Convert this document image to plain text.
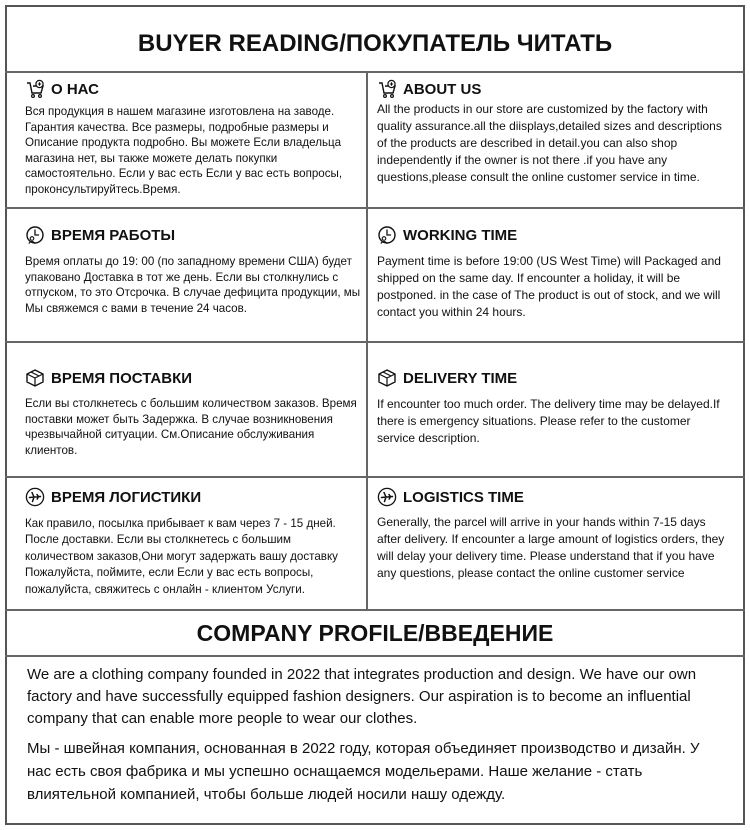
BUYER READING/ПОКУПАТЕЛЬ ЧИТАТЬ
О НАС
Вся продукция в нашем магазине изготовлена на заводе. Гарантия качества. Все размеры, подробные размеры и Описание продукта подробно. Вы можете Если владельца магазина нет, вы также можете делать покупки самостоятельно. Если у вас есть Если у вас есть вопросы, проконсультируйтесь.Время.
ABOUT US
All the products in our store are customized by the factory with quality assurance.all the diisplays,detailed sizes and descriptions of the products are described in detail.you can also shop independently if the owner is not there .if you have any questions,please consult the online customer service in time.
ВРЕМЯ РАБОТЫ
Время оплаты до 19: 00 (по западному времени США) будет упаковано Доставка в тот же день. Если вы столкнулись с отпуском, то это Отсрочка. В случае дефицита продукции, мы Мы свяжемся с вами в течение 24 часов.
WORKING TIME
Payment time is before 19:00 (US West Time) will Packaged and shipped on the same day. If encounter a holiday, it will be postponed. in the case of The product is out of stock, and we will contact you within 24 hours.
ВРЕМЯ ПОСТАВКИ
Если вы столкнетесь с большим количеством заказов. Время поставки может быть Задержка. В случае возникновения чрезвычайной ситуации. См.Описание обслуживания клиентов.
DELIVERY TIME
If encounter too much order. The delivery time may be delayed.If there is emergency situations. Please refer to the customer service description.
ВРЕМЯ ЛОГИСТИКИ
Как правило, посылка прибывает к вам через 7 - 15 дней. После доставки. Если вы столкнетесь с большим количеством заказов,Они могут задержать вашу доставку Пожалуйста, поймите, если Если у вас есть вопросы, пожалуйста, свяжитесь с онлайн - клиентом Услуги.
LOGISTICS TIME
Generally, the parcel will arrive in your hands within 7-15 days after delivery. If encounter a large amount of logistics orders, they will delay your delivery time. Please understand that if you have any questions, please contact the online customer service
COMPANY PROFILE/ВВЕДЕНИЕ

We are a clothing company founded in 2022 that integrates production and design. We have our own factory and have successfully equipped fashion designers. Our aspiration is to become an influential company that can enable more people to wear our clothes.

Мы - швейная компания, основанная в 2022 году, которая объединяет производство и дизайн. У нас есть своя фабрика и мы успешно оснащаемся модельерами. Наше желание - стать влиятельной компанией, чтобы больше людей носили нашу одежду.
